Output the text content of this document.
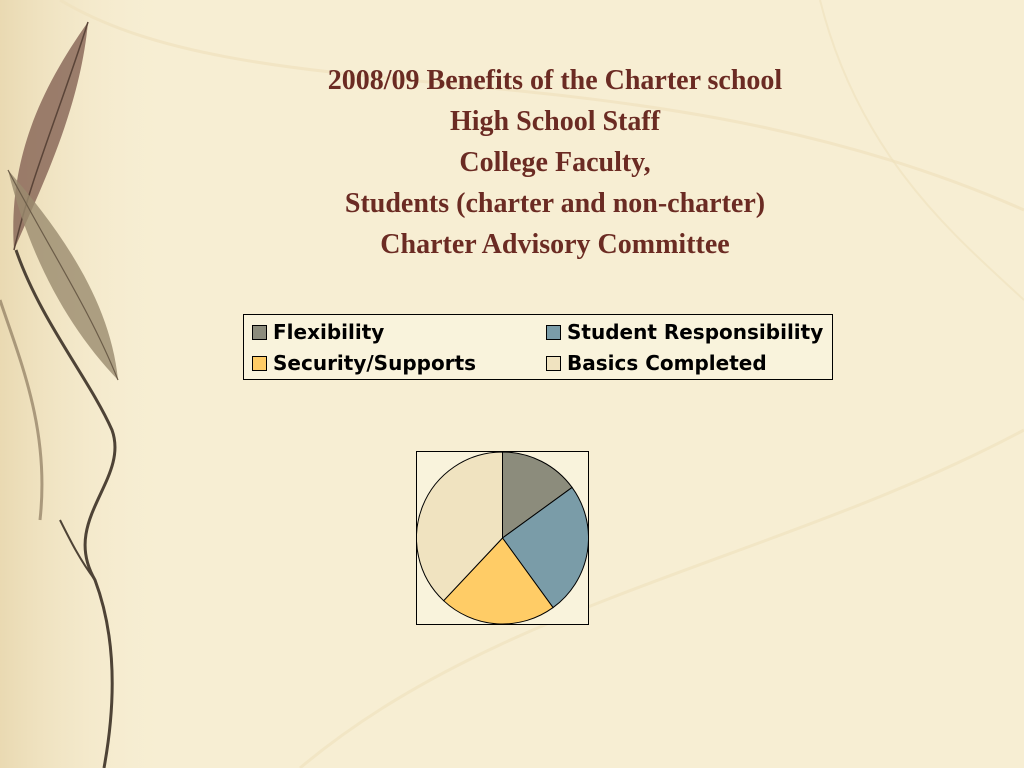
2008/09 Benefits of the Charter school
High School Staff
College Faculty,
Students (charter and non-charter)
Charter Advisory Committee
Flexibility	Student Responsibility
Security/Supports	Basics Completed
